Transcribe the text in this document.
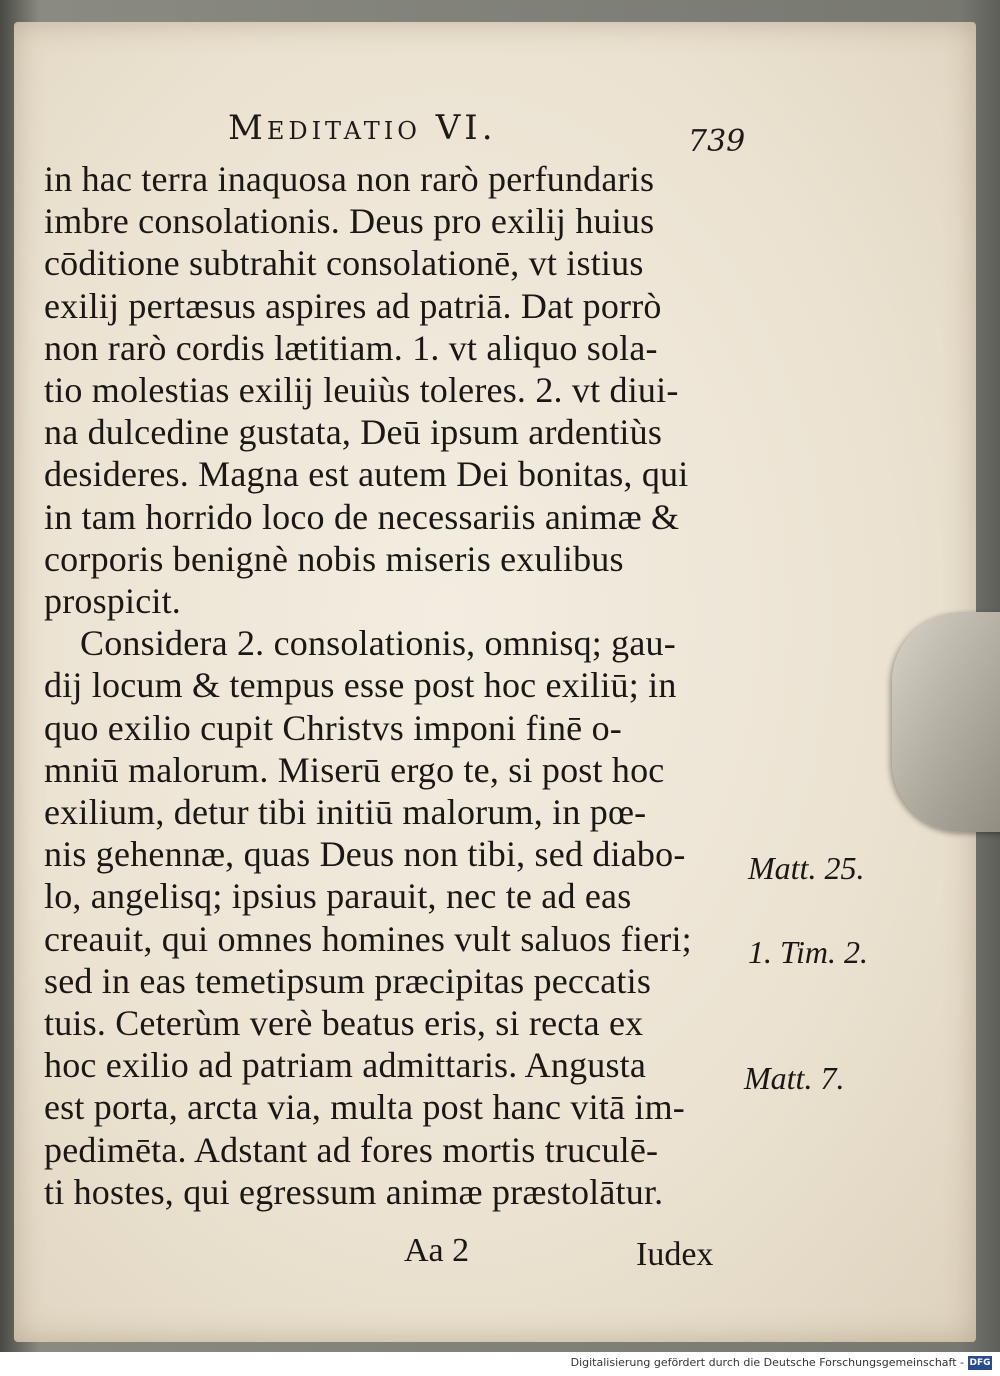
Meditatio VI.	739
in hac terra inaquosa non rarò perfundaris
imbre consolationis. Deus pro exilij huius
cōditione subtrahit consolationē, vt istius
exilij pertæsus aspires ad patriā. Dat porrò
non rarò cordis lætitiam. 1. vt aliquo sola-
tio molestias exilij leuiùs toleres. 2. vt diui-
na dulcedine gustata, Deū ipsum ardentiùs
desideres. Magna est autem Dei bonitas, qui
in tam horrido loco de necessariis animæ &
corporis benignè nobis miseris exulibus
prospicit.
Considera 2. consolationis, omnisq; gau-
dij locum & tempus esse post hoc exiliū; in
quo exilio cupit Christvs imponi finē o-
mniū malorum. Miserū ergo te, si post hoc
exilium, detur tibi initiū malorum, in pœ-
nis gehennæ, quas Deus non tibi, sed diabo-
lo, angelisq; ipsius parauit, nec te ad eas
creauit, qui omnes homines vult saluos fieri;
sed in eas temetipsum præcipitas peccatis
tuis. Ceterùm verè beatus eris, si recta ex
hoc exilio ad patriam admittaris. Angusta
est porta, arcta via, multa post hanc vitā im-
pedimēta. Adstant ad fores mortis truculē-
ti hostes, qui egressum animæ præstolātur.
Matt. 25.
1. Tim. 2.
Matt. 7.
Aa 2	Iudex
Digitalisierung gefördert durch die Deutsche Forschungsgemeinschaft - DFG
